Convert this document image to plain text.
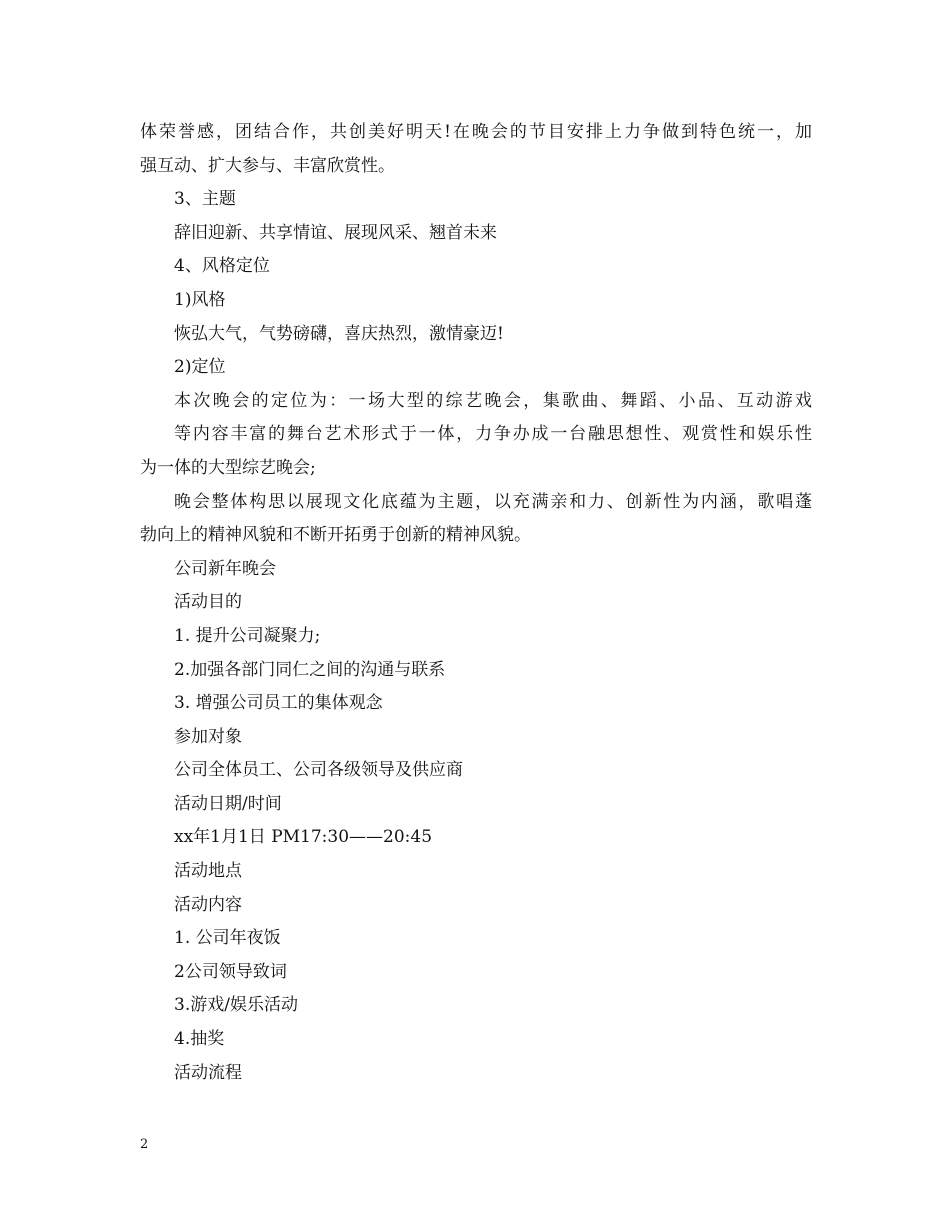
体荣誉感，团结合作，共创美好明天!在晚会的节目安排上力争做到特色统一，加
强互动、扩大参与、丰富欣赏性。
3、主题
辞旧迎新、共享情谊、展现风采、翘首未来
4、风格定位
1)风格
恢弘大气，气势磅礴，喜庆热烈，激情豪迈!
2)定位
本次晚会的定位为：一场大型的综艺晚会，集歌曲、舞蹈、小品、互动游戏
等内容丰富的舞台艺术形式于一体，力争办成一台融思想性、观赏性和娱乐性
为一体的大型综艺晚会;
晚会整体构思以展现文化底蕴为主题，以充满亲和力、创新性为内涵，歌唱蓬
勃向上的精神风貌和不断开拓勇于创新的精神风貌。
公司新年晚会
活动目的
1. 提升公司凝聚力;
2.加强各部门同仁之间的沟通与联系
3. 增强公司员工的集体观念
参加对象
公司全体员工、公司各级领导及供应商
活动日期/时间
xx年1月1日 PM17:30——20:45
活动地点
活动内容
1. 公司年夜饭
2公司领导致词
3.游戏/娱乐活动
4.抽奖
活动流程
2
